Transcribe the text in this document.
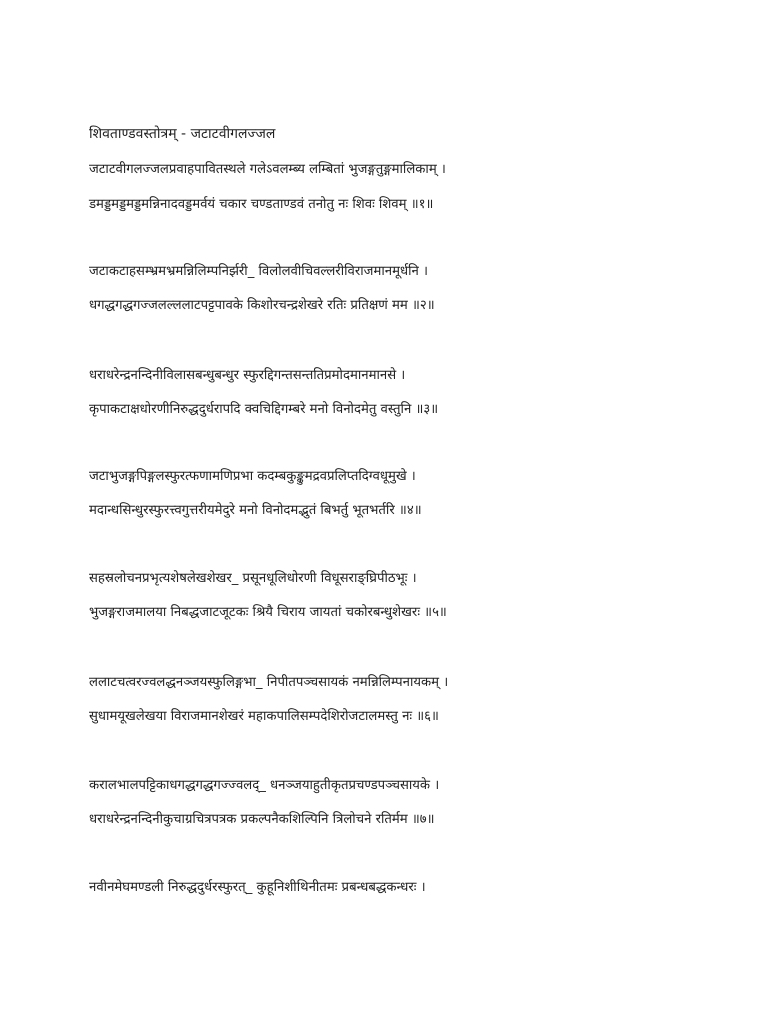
शिवताण्डवस्तोत्रम् - जटाटवीगलज्जल
जटाटवीगलज्जलप्रवाहपावितस्थले गलेऽवलम्ब्य लम्बितां भुजङ्गतुङ्गमालिकाम् ।
डमड्डमड्डमड्डमन्निनादवड्डमर्वयं चकार चण्डताण्डवं तनोतु नः शिवः शिवम् ॥१॥
जटाकटाहसम्भ्रमभ्रमन्निलिम्पनिर्झरी_ विलोलवीचिवल्लरीविराजमानमूर्धनि ।
धगद्धगद्धगज्जलल्ललाटपट्टपावके किशोरचन्द्रशेखरे रतिः प्रतिक्षणं मम ॥२॥
धराधरेन्द्रनन्दिनीविलासबन्धुबन्धुर स्फुरद्दिगन्तसन्ततिप्रमोदमानमानसे ।
कृपाकटाक्षधोरणीनिरुद्धदुर्धरापदि क्वचिद्दिगम्बरे मनो विनोदमेतु वस्तुनि ॥३॥
जटाभुजङ्गपिङ्गलस्फुरत्फणामणिप्रभा कदम्बकुङ्कुमद्रवप्रलिप्तदिग्वधूमुखे ।
मदान्धसिन्धुरस्फुरत्त्वगुत्तरीयमेदुरे मनो विनोदमद्भुतं बिभर्तु भूतभर्तरि ॥४॥
सहस्रलोचनप्रभृत्यशेषलेखशेखर_ प्रसूनधूलिधोरणी विधूसराङ्घ्रिपीठभूः ।
भुजङ्गराजमालया निबद्धजाटजूटकः श्रियै चिराय जायतां चकोरबन्धुशेखरः ॥५॥
ललाटचत्वरज्वलद्धनञ्जयस्फुलिङ्गभा_ निपीतपञ्चसायकं नमन्निलिम्पनायकम् ।
सुधामयूखलेखया विराजमानशेखरं महाकपालिसम्पदेशिरोजटालमस्तु नः ॥६॥
करालभालपट्टिकाधगद्धगद्धगज्ज्वलद्_ धनञ्जयाहुतीकृतप्रचण्डपञ्चसायके ।
धराधरेन्द्रनन्दिनीकुचाग्रचित्रपत्रक प्रकल्पनैकशिल्पिनि त्रिलोचने रतिर्मम ॥७॥
नवीनमेघमण्डली निरुद्धदुर्धरस्फुरत्_ कुहूनिशीथिनीतमः प्रबन्धबद्धकन्धरः ।
